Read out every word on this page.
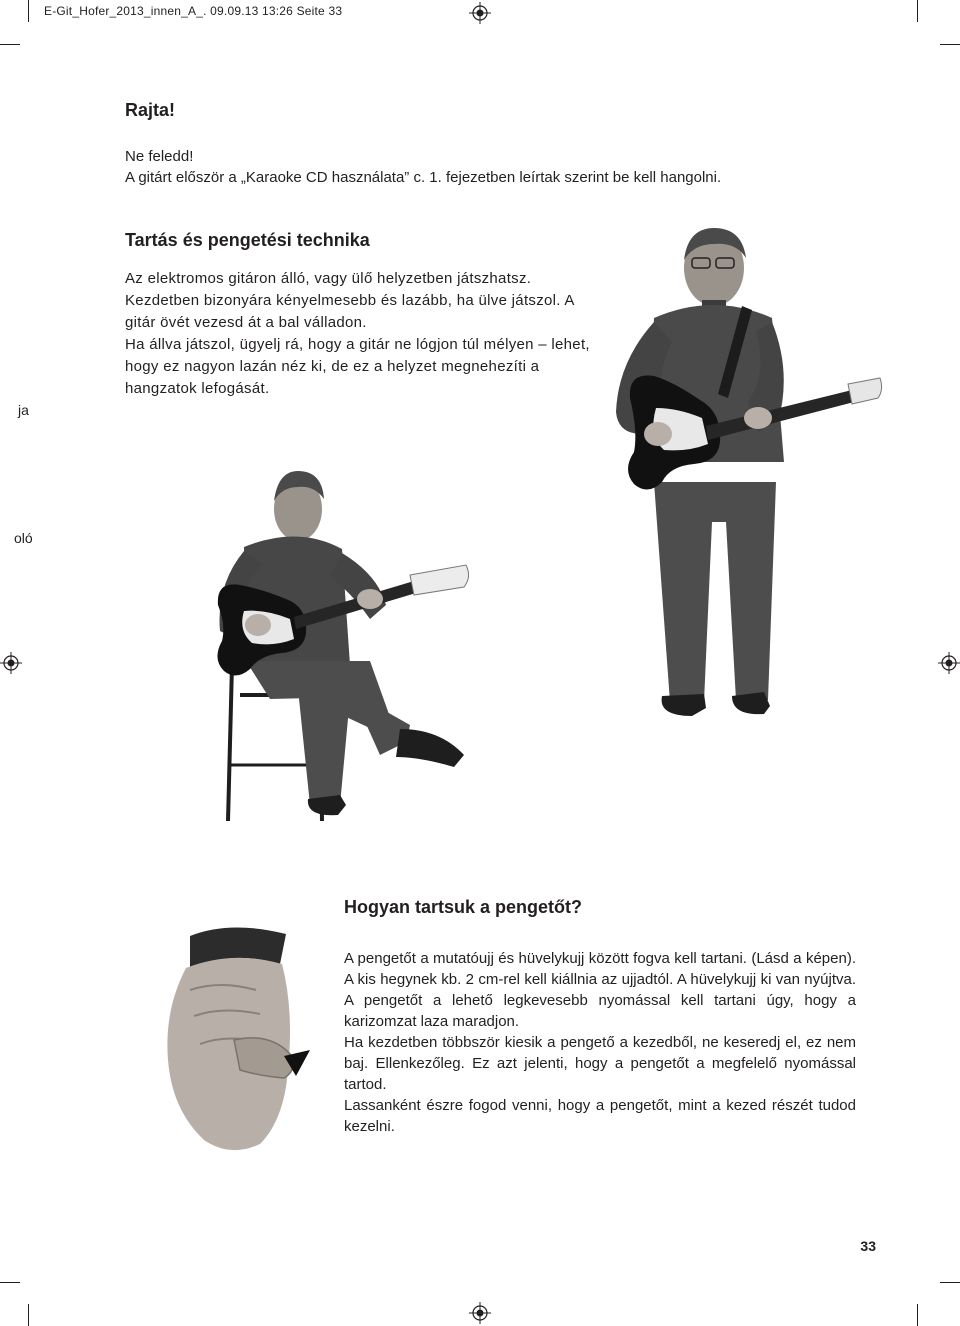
E-Git_Hofer_2013_innen_A_. 09.09.13 13:26 Seite 33
ja
oló
Rajta!

Ne feledd!

A gitárt először a „Karaoke CD használata” c. 1. fejezetben leírtak szerint be kell hangolni.

Tartás és pengetési technika

Az elektromos gitáron álló, vagy ülő helyzetben játszhatsz. Kezdetben bizonyára kényelmesebb és lazább, ha ülve játszol. A gitár övét vezesd át a bal válladon.

Ha állva játszol, ügyelj rá, hogy a gitár ne lógjon túl mélyen – lehet, hogy ez nagyon lazán néz ki, de ez a helyzet megnehezíti a hangzatok lefogását.

Hogyan tartsuk a pengetőt?

A pengetőt a mutatóujj és hüvelykujj között fogva kell tartani. (Lásd a képen). A kis hegynek kb. 2 cm-rel kell kiállnia az ujjadtól. A hüvelykujj ki van nyújtva. A pengetőt a lehető legkevesebb nyomással kell tartani úgy, hogy a karizomzat laza maradjon.

Ha kezdetben többször kiesik a pengető a kezedből, ne keseredj el, ez nem baj. Ellenkezőleg. Ez azt jelenti, hogy a pengetőt a megfelelő nyomással tartod.

Lassanként észre fogod venni, hogy a pengetőt, mint a kezed részét tudod kezelni.

33
